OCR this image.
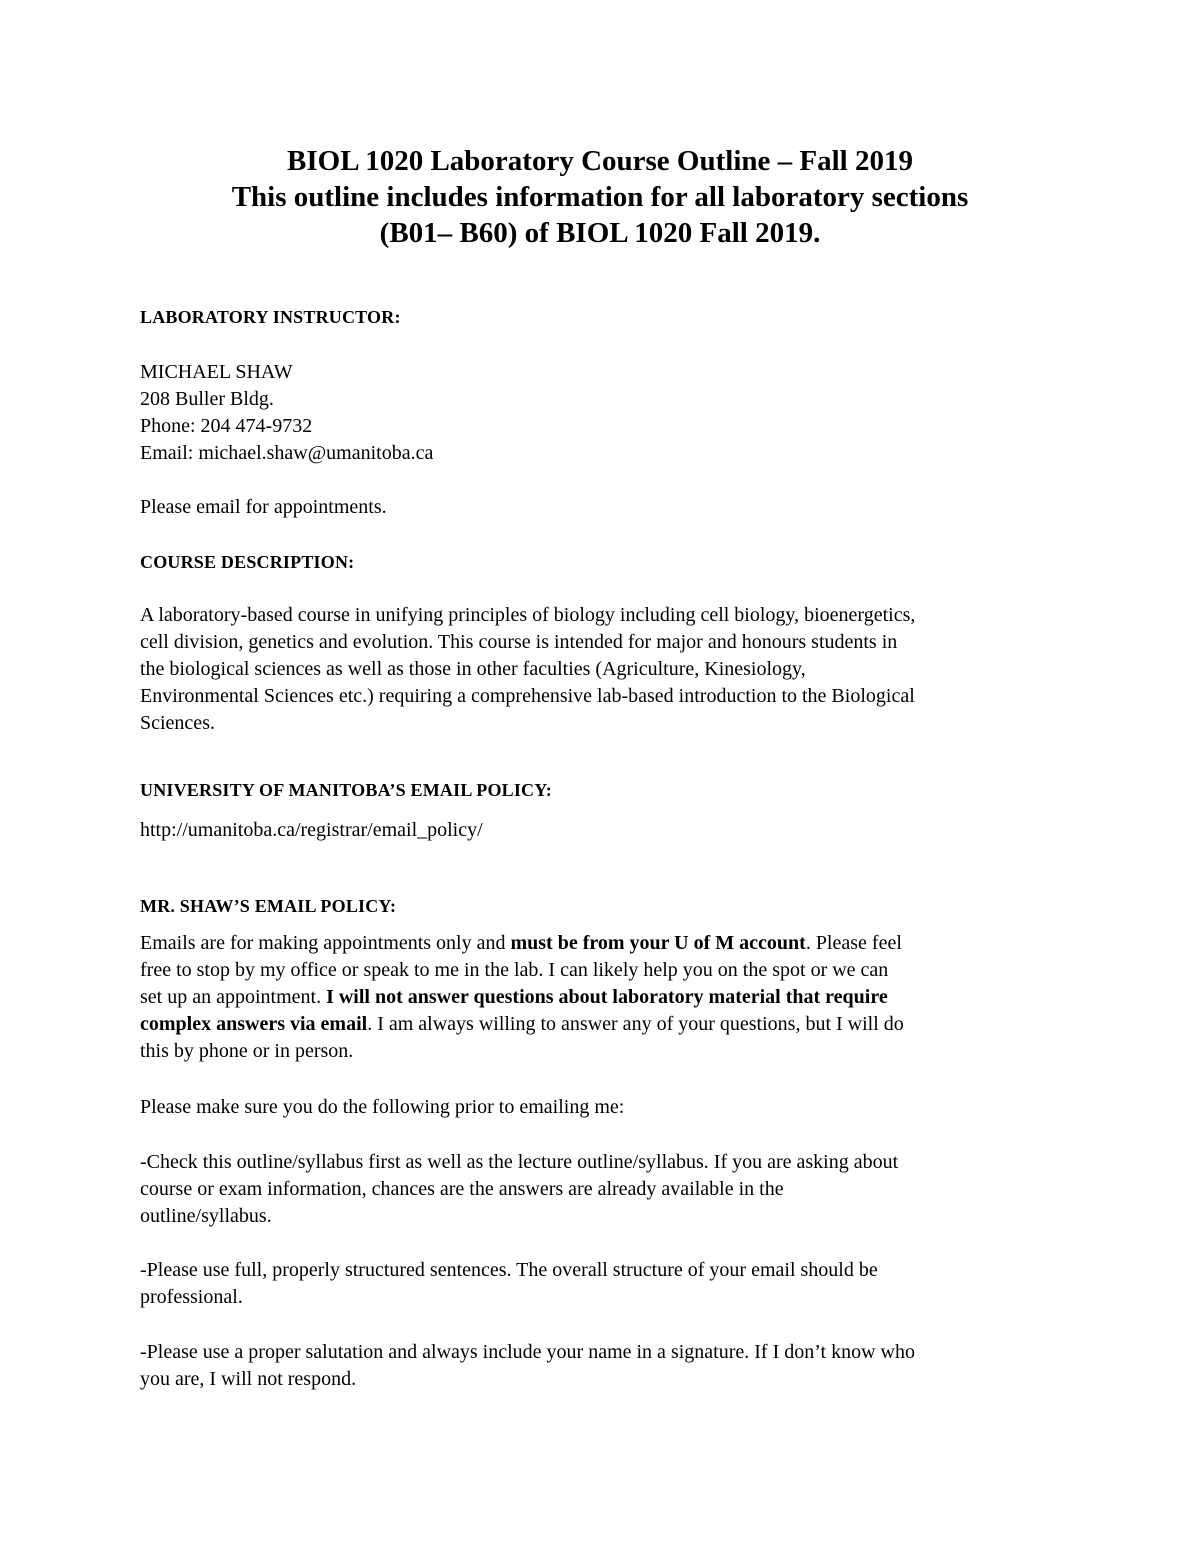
BIOL 1020 Laboratory Course Outline – Fall 2019
This outline includes information for all laboratory sections
(B01– B60) of BIOL 1020 Fall 2019.
LABORATORY INSTRUCTOR:
MICHAEL SHAW
208 Buller Bldg.
Phone: 204 474-9732
Email: michael.shaw@umanitoba.ca
Please email for appointments.
COURSE DESCRIPTION:
A laboratory-based course in unifying principles of biology including cell biology, bioenergetics,
cell division, genetics and evolution. This course is intended for major and honours students in
the biological sciences as well as those in other faculties (Agriculture, Kinesiology,
Environmental Sciences etc.) requiring a comprehensive lab-based introduction to the Biological
Sciences.
UNIVERSITY OF MANITOBA’S EMAIL POLICY:
http://umanitoba.ca/registrar/email_policy/
MR. SHAW’S EMAIL POLICY:
Emails are for making appointments only and must be from your U of M account. Please feel
free to stop by my office or speak to me in the lab. I can likely help you on the spot or we can
set up an appointment. I will not answer questions about laboratory material that require
complex answers via email. I am always willing to answer any of your questions, but I will do
this by phone or in person.
Please make sure you do the following prior to emailing me:
-Check this outline/syllabus first as well as the lecture outline/syllabus. If you are asking about
course or exam information, chances are the answers are already available in the
outline/syllabus.
-Please use full, properly structured sentences. The overall structure of your email should be
professional.
-Please use a proper salutation and always include your name in a signature. If I don’t know who
you are, I will not respond.
